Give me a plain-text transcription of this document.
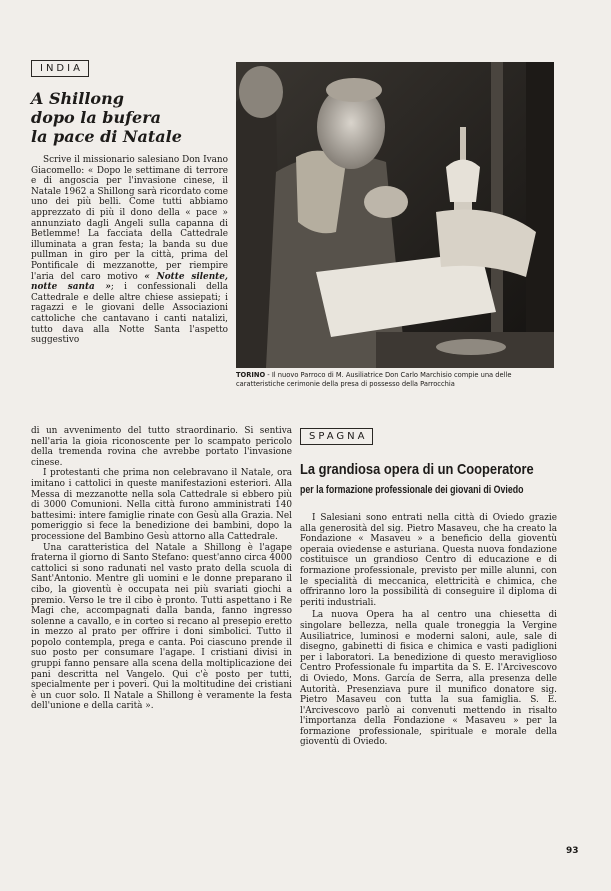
INDIA
A Shillong
dopo la bufera
la pace di Natale

Scrive il missionario salesiano Don Ivano Giacomello: « Dopo le settimane di terrore e di angoscia per l'invasione cinese, il Natale 1962 a Shillong sarà ricordato come uno dei più belli. Come tutti abbiamo apprezzato di più il dono della « pace » annunziato dagli Angeli sulla capanna di Betlemme! La facciata della Cattedrale illuminata a gran festa; la banda su due pullman in giro per la città, prima del Pontificale di mezzanotte, per riempire l'aria del caro motivo « Notte silente, notte santa »; i confessionali della Cattedrale e delle altre chiese assiepati; i ragazzi e le giovani delle Associazioni cattoliche che cantavano i canti natalizi, tutto dava alla Notte Santa l'aspetto suggestivo

di un avvenimento del tutto straordinario. Si sentiva nell'aria la gioia riconoscente per lo scampato pericolo della tremenda rovina che avrebbe portato l'invasione cinese.

I protestanti che prima non celebravano il Natale, ora imitano i cattolici in queste manifestazioni esteriori. Alla Messa di mezzanotte nella sola Cattedrale si ebbero più di 3000 Comunioni. Nella città furono amministrati 140 battesimi: intere famiglie rinate con Gesù alla Grazia. Nel pomeriggio si fece la benedizione dei bambini, dopo la processione del Bambino Gesù attorno alla Cattedrale.

Una caratteristica del Natale a Shillong è l'agape fraterna il giorno di Santo Stefano: quest'anno circa 4000 cattolici si sono radunati nel vasto prato della scuola di Sant'Antonio. Mentre gli uomini e le donne preparano il cibo, la gioventù è occupata nei più svariati giochi a premio. Verso le tre il cibo è pronto. Tutti aspettano i Re Magi che, accompagnati dalla banda, fanno ingresso solenne a cavallo, e in corteo si recano al presepio eretto in mezzo al prato per offrire i doni simbolici. Tutto il popolo contempla, prega e canta. Poi ciascuno prende il suo posto per consumare l'agape. I cristiani divisi in gruppi fanno pensare alla scena della moltiplicazione dei pani descritta nel Vangelo. Qui c'è posto per tutti, specialmente per i poveri. Qui la moltitudine dei cristiani è un cuor solo. Il Natale a Shillong è veramente la festa dell'unione e della carità ».

TORINO - Il nuovo Parroco di M. Ausiliatrice Don Carlo Marchisio compie una delle caratteristiche cerimonie della presa di possesso della Parrocchia

SPAGNA
La grandiosa opera di un Cooperatore
per la formazione professionale dei giovani di Oviedo

I Salesiani sono entrati nella città di Oviedo grazie alla generosità del sig. Pietro Masaveu, che ha creato la Fondazione « Masaveu » a beneficio della gioventù operaia oviedense e asturiana. Questa nuova fondazione costituisce un grandioso Centro di educazione e di formazione professionale, previsto per mille alunni, con le specialità di meccanica, elettricità e chimica, che offriranno loro la possibilità di conseguire il diploma di periti industriali.

La nuova Opera ha al centro una chiesetta di singolare bellezza, nella quale troneggia la Vergine Ausiliatrice, luminosi e moderni saloni, aule, sale di disegno, gabinetti di fisica e chimica e vasti padiglioni per i laboratori. La benedizione di questo meraviglioso Centro Professionale fu impartita da S. E. l'Arcivescovo di Oviedo, Mons. García de Serra, alla presenza delle Autorità. Presenziava pure il munifico donatore sig. Pietro Masaveu con tutta la sua famiglia. S. E. l'Arcivescovo parlò ai convenuti mettendo in risalto l'importanza della Fondazione « Masaveu » per la formazione professionale, spirituale e morale della gioventù di Oviedo.

93
